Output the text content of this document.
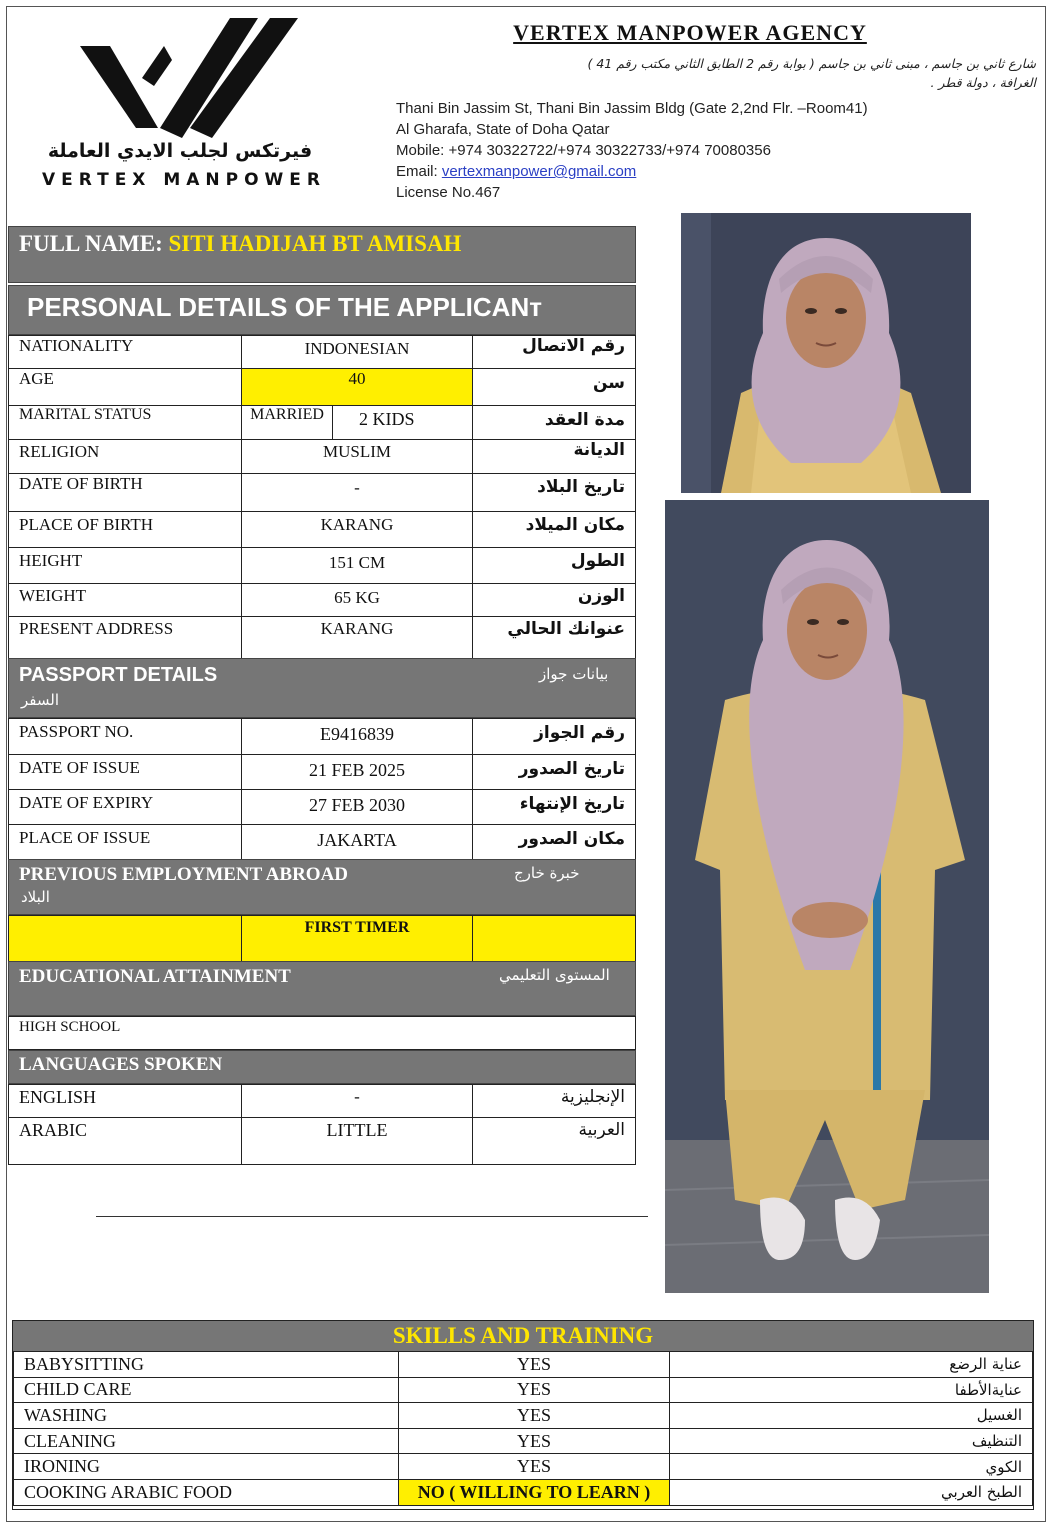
فيرتكس لجلب الايدي العاملة
VERTEX MANPOWER
VERTEX MANPOWER AGENCY
شارع ثاني بن جاسم ، مبنى ثاني بن جاسم ( بوابة رقم 2 الطابق الثاني مكتب رقم 41 )
الغرافة ، دولة قطر .
Thani Bin Jassim St, Thani Bin Jassim Bldg (Gate 2,2nd Flr. –Room41)
Al Gharafa, State of Doha Qatar
Mobile: +974 30322722/+974 30322733/+974 70080356
Email: vertexmanpower@gmail.com
License No.467
FULL NAME: SITI HADIJAH BT AMISAH
PERSONAL DETAILS OF THE APPLICANт
NATIONALITY	INDONESIAN	رقم الاتصال
AGE	40	سن
MARITAL STATUS	MARRIED 2 KIDS	مدة العقد
RELIGION	MUSLIM	الديانة
DATE OF BIRTH	-	تاريخ البلاد
PLACE OF BIRTH	KARANG	مكان الميلاد
HEIGHT	151 CM	الطول
WEIGHT	65 KG	الوزن
PRESENT ADDRESS	KARANG	عنوانك الحالي
PASSPORT DETAILS	بيانات جواز
السفر
PASSPORT NO.	E9416839	رقم الجواز
DATE OF ISSUE	21 FEB 2025	تاريخ الصدور
DATE OF EXPIRY	27 FEB 2030	تاريخ الإنتهاء
PLACE OF ISSUE	JAKARTA	مكان الصدور
PREVIOUS EMPLOYMENT ABROAD	خبرة خارج
البلاد
	FIRST TIMER	
EDUCATIONAL ATTAINMENT	المستوى التعليمي
HIGH SCHOOL
LANGUAGES SPOKEN
ENGLISH	-	الإنجليزية
ARABIC	LITTLE	العربية
SKILLS AND TRAINING
BABYSITTING	YES	عناية الرضع
CHILD CARE	YES	عنايةالأطفا
WASHING	YES	الغسيل
CLEANING	YES	التنظيف
IRONING	YES	الكوي
COOKING ARABIC FOOD	NO ( WILLING TO LEARN )	الطبخ العربي
